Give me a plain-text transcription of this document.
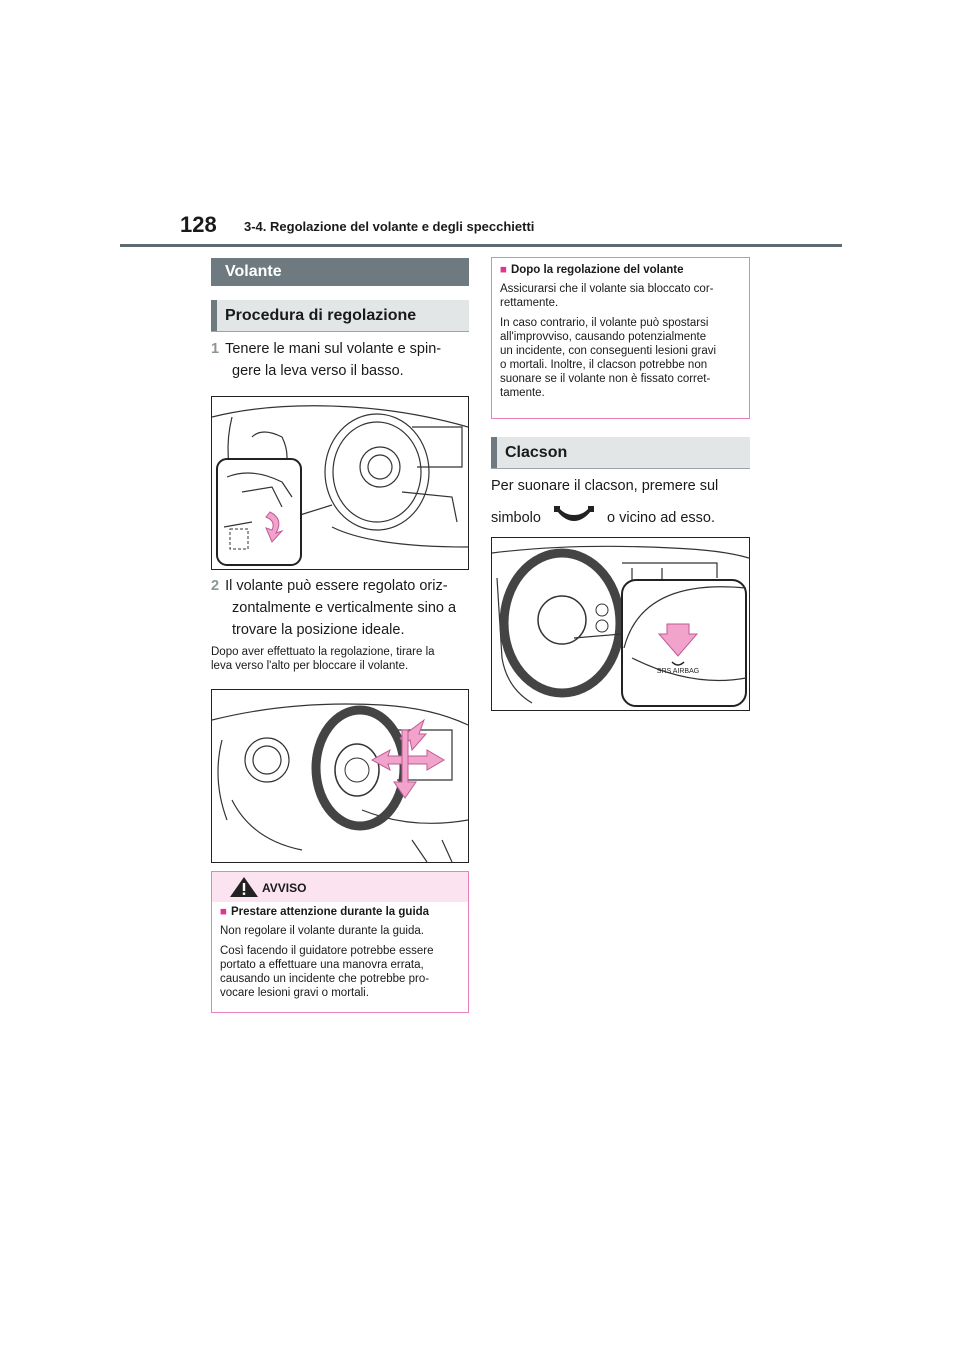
128 3-4. Regolazione del volante e degli specchietti
Volante
Procedura di regolazione
1 Tenere le mani sul volante e spin-
gere la leva verso il basso.
2 Il volante può essere regolato oriz-
zontalmente e verticalmente sino a
trovare la posizione ideale.
Dopo aver effettuato la regolazione, tirare la
leva verso l'alto per bloccare il volante.
AVVISO
■ Prestare attenzione durante la guida

Non regolare il volante durante la guida.

Così facendo il guidatore potrebbe essere
portato a effettuare una manovra errata,
causando un incidente che potrebbe pro-
vocare lesioni gravi o mortali.
■ Dopo la regolazione del volante
Assicurarsi che il volante sia bloccato cor-
rettamente.
In caso contrario, il volante può spostarsi
all'improvviso, causando potenzialmente
un incidente, con conseguenti lesioni gravi
o mortali. Inoltre, il clacson potrebbe non
suonare se il volante non è fissato corret-
tamente.
Clacson
Per suonare il clacson, premere sul
simbolo	o vicino ad esso.
SRS AIRBAG
